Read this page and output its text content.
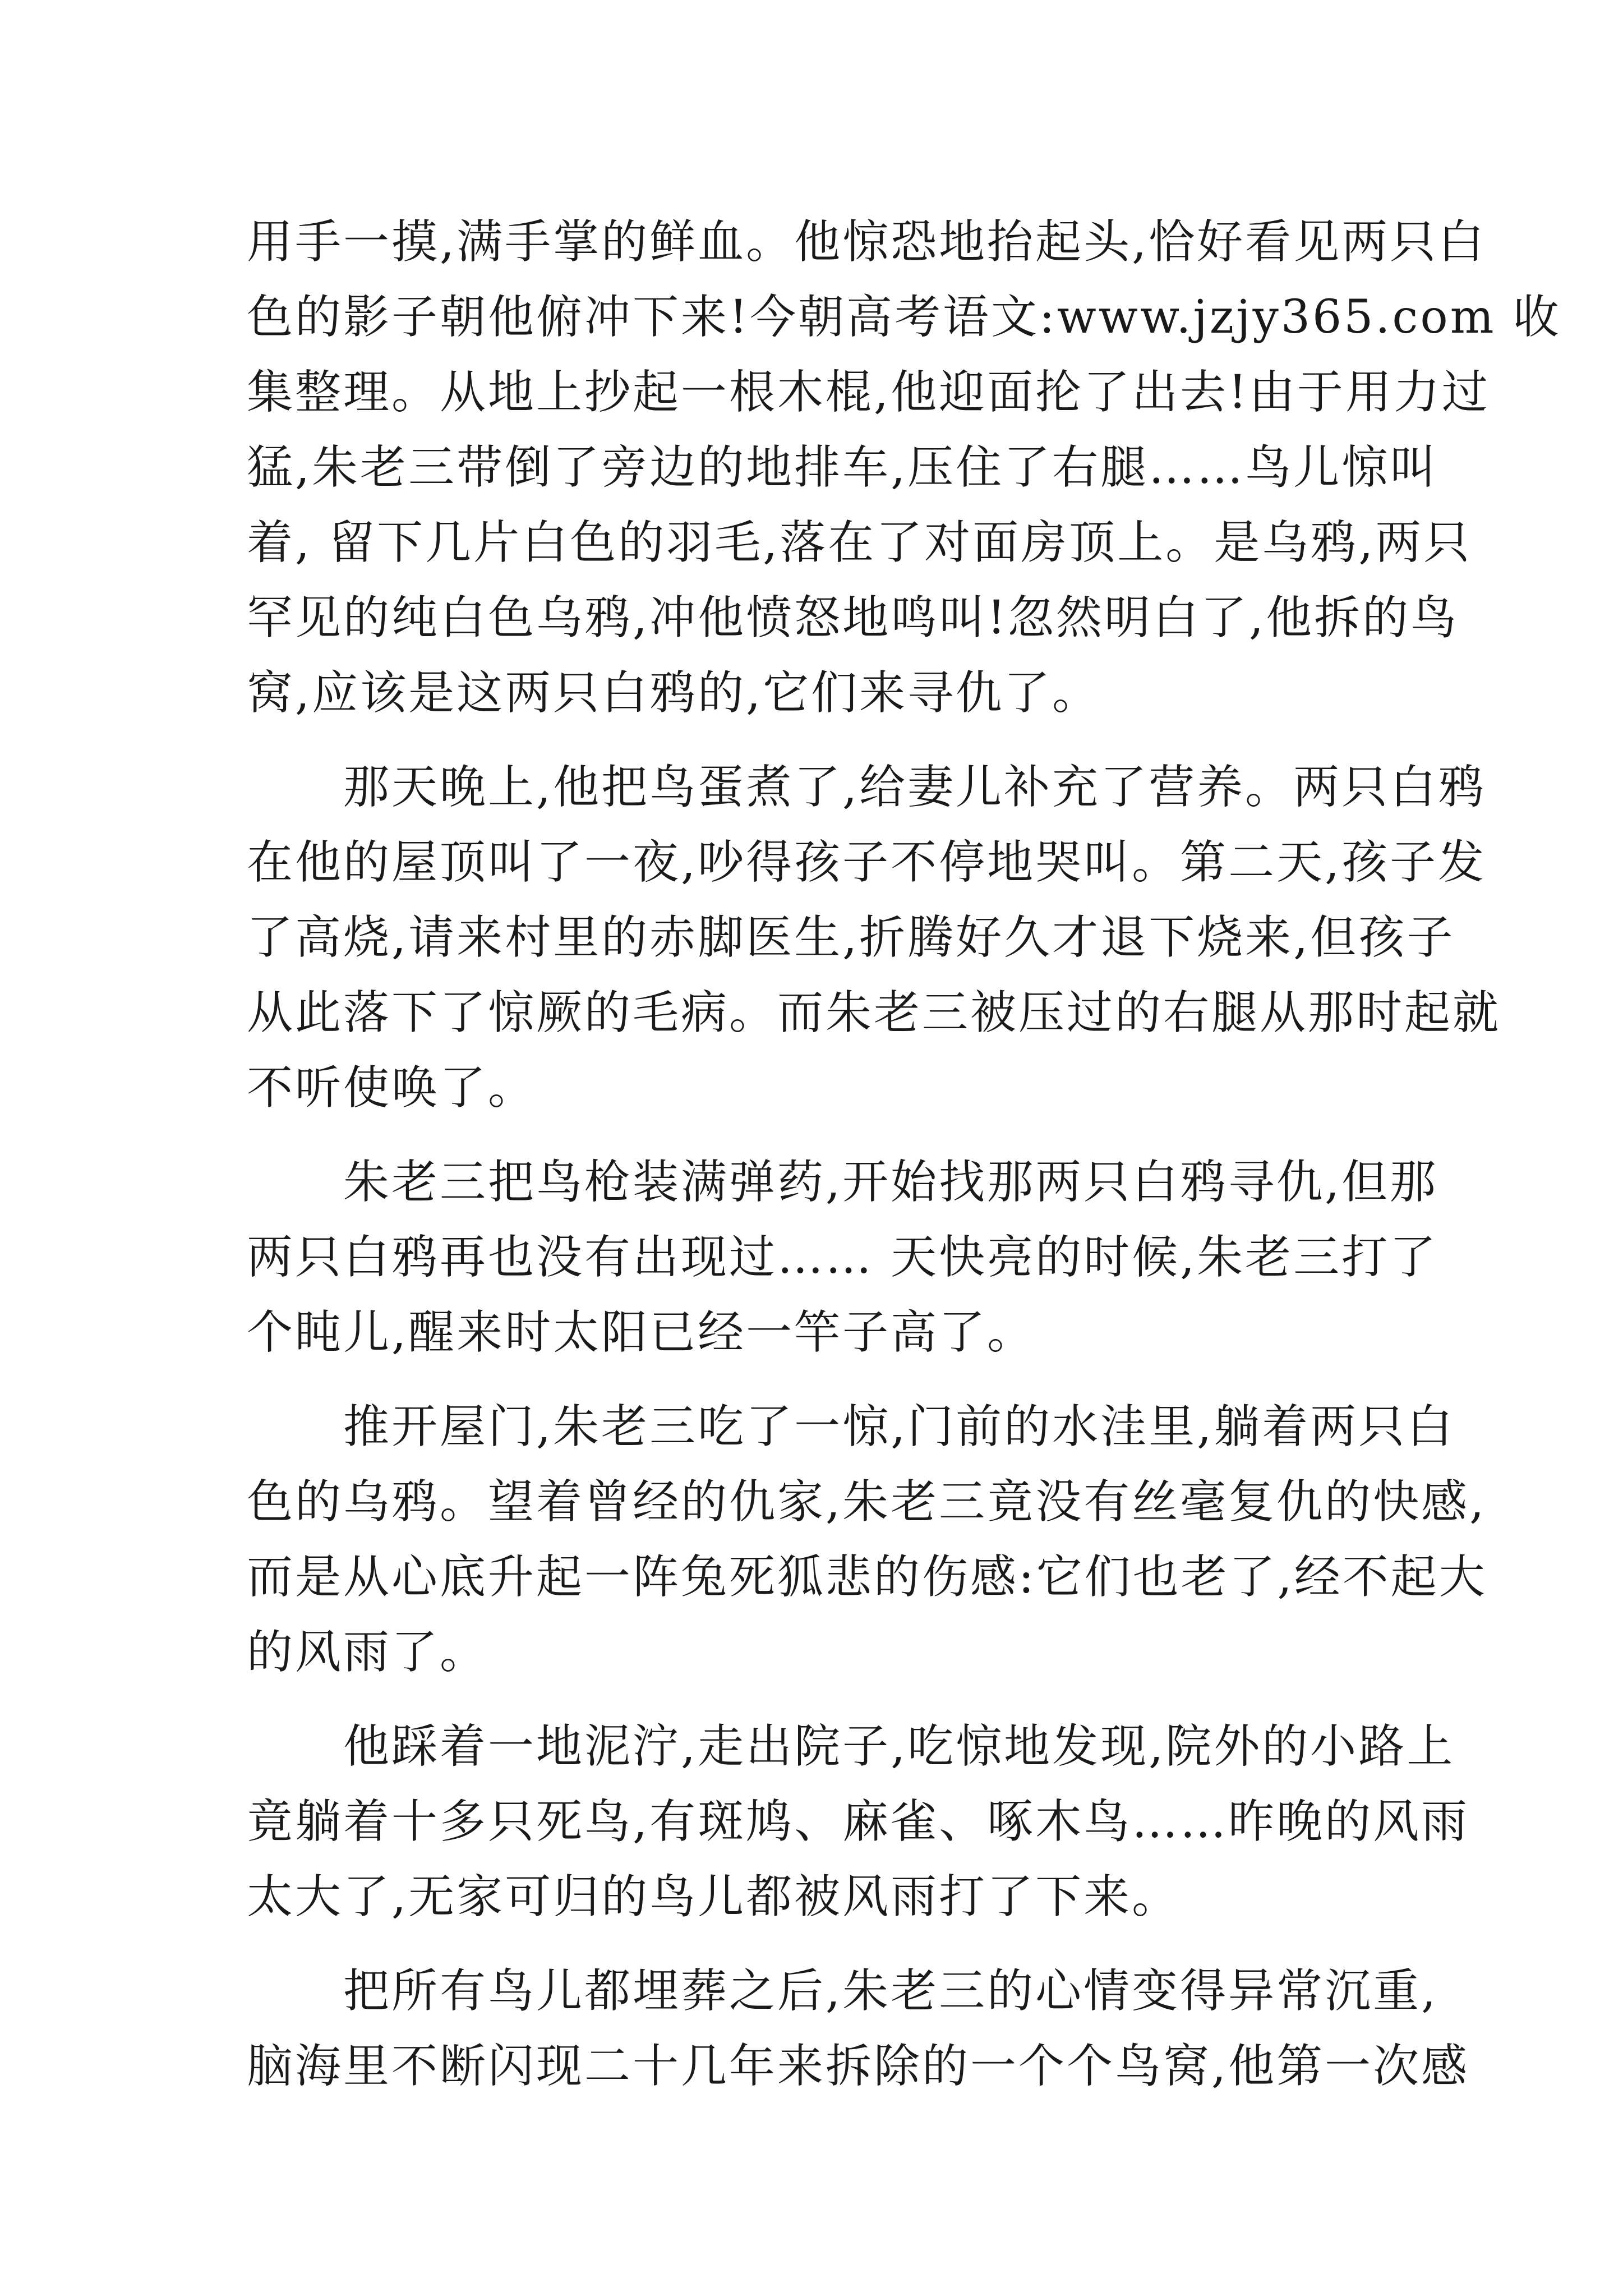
用手一摸,满手掌的鲜血。他惊恐地抬起头,恰好看见两只白
色的影子朝他俯冲下来!今朝高考语文:www.jzjy365.com 收
集整理。从地上抄起一根木棍,他迎面抡了出去!由于用力过
猛,朱老三带倒了旁边的地排车,压住了右腿……鸟儿惊叫
着, 留下几片白色的羽毛,落在了对面房顶上。是乌鸦,两只
罕见的纯白色乌鸦,冲他愤怒地鸣叫!忽然明白了,他拆的鸟
窝,应该是这两只白鸦的,它们来寻仇了。
那天晚上,他把鸟蛋煮了,给妻儿补充了营养。两只白鸦
在他的屋顶叫了一夜,吵得孩子不停地哭叫。第二天,孩子发
了高烧,请来村里的赤脚医生,折腾好久才退下烧来,但孩子
从此落下了惊厥的毛病。而朱老三被压过的右腿从那时起就
不听使唤了。
朱老三把鸟枪装满弹药,开始找那两只白鸦寻仇,但那
两只白鸦再也没有出现过…… 天快亮的时候,朱老三打了
个盹儿,醒来时太阳已经一竿子高了。
推开屋门,朱老三吃了一惊,门前的水洼里,躺着两只白
色的乌鸦。望着曾经的仇家,朱老三竟没有丝毫复仇的快感,
而是从心底升起一阵兔死狐悲的伤感:它们也老了,经不起大
的风雨了。
他踩着一地泥泞,走出院子,吃惊地发现,院外的小路上
竟躺着十多只死鸟,有斑鸠、麻雀、啄木鸟……昨晚的风雨
太大了,无家可归的鸟儿都被风雨打了下来。
把所有鸟儿都埋葬之后,朱老三的心情变得异常沉重,
脑海里不断闪现二十几年来拆除的一个个鸟窝,他第一次感
